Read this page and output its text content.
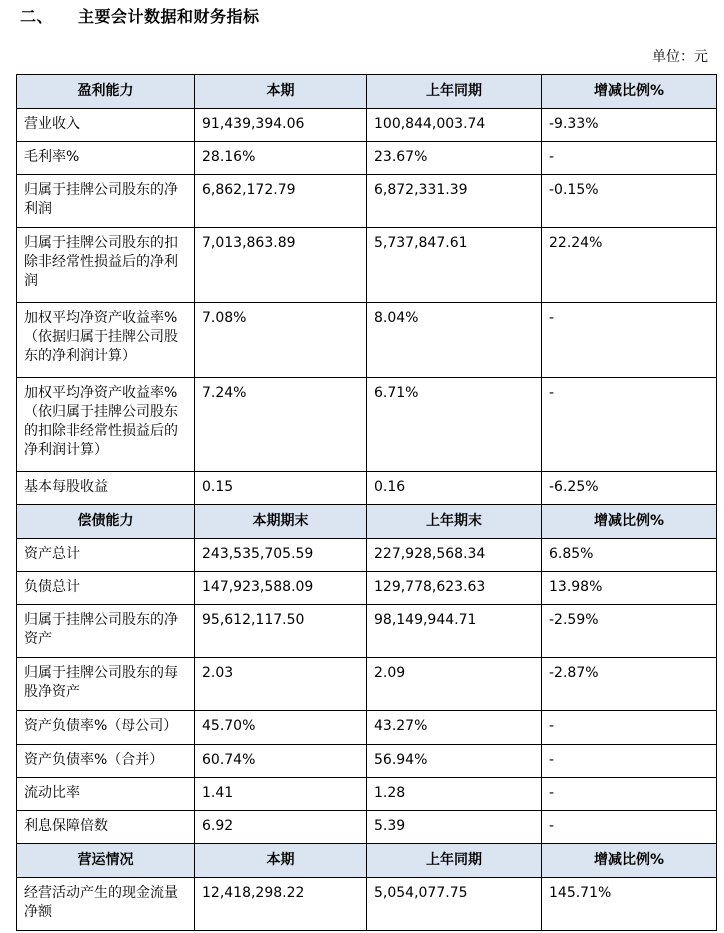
二、 主要会计数据和财务指标
单位：元
盈利能力	本期	上年同期	增减比例%
营业收入	91,439,394.06	100,844,003.74	-9.33%
毛利率%	28.16%	23.67%	-
归属于挂牌公司股东的净利润	6,862,172.79	6,872,331.39	-0.15%
归属于挂牌公司股东的扣除非经常性损益后的净利润	7,013,863.89	5,737,847.61	22.24%
加权平均净资产收益率%（依据归属于挂牌公司股东的净利润计算）	7.08%	8.04%	-
加权平均净资产收益率%（依归属于挂牌公司股东的扣除非经常性损益后的净利润计算）	7.24%	6.71%	-
基本每股收益	0.15	0.16	-6.25%
偿债能力	本期期末	上年期末	增减比例%
资产总计	243,535,705.59	227,928,568.34	6.85%
负债总计	147,923,588.09	129,778,623.63	13.98%
归属于挂牌公司股东的净资产	95,612,117.50	98,149,944.71	-2.59%
归属于挂牌公司股东的每股净资产	2.03	2.09	-2.87%
资产负债率%（母公司）	45.70%	43.27%	-
资产负债率%（合并）	60.74%	56.94%	-
流动比率	1.41	1.28	-
利息保障倍数	6.92	5.39	-
营运情况	本期	上年同期	增减比例%
经营活动产生的现金流量净额	12,418,298.22	5,054,077.75	145.71%
